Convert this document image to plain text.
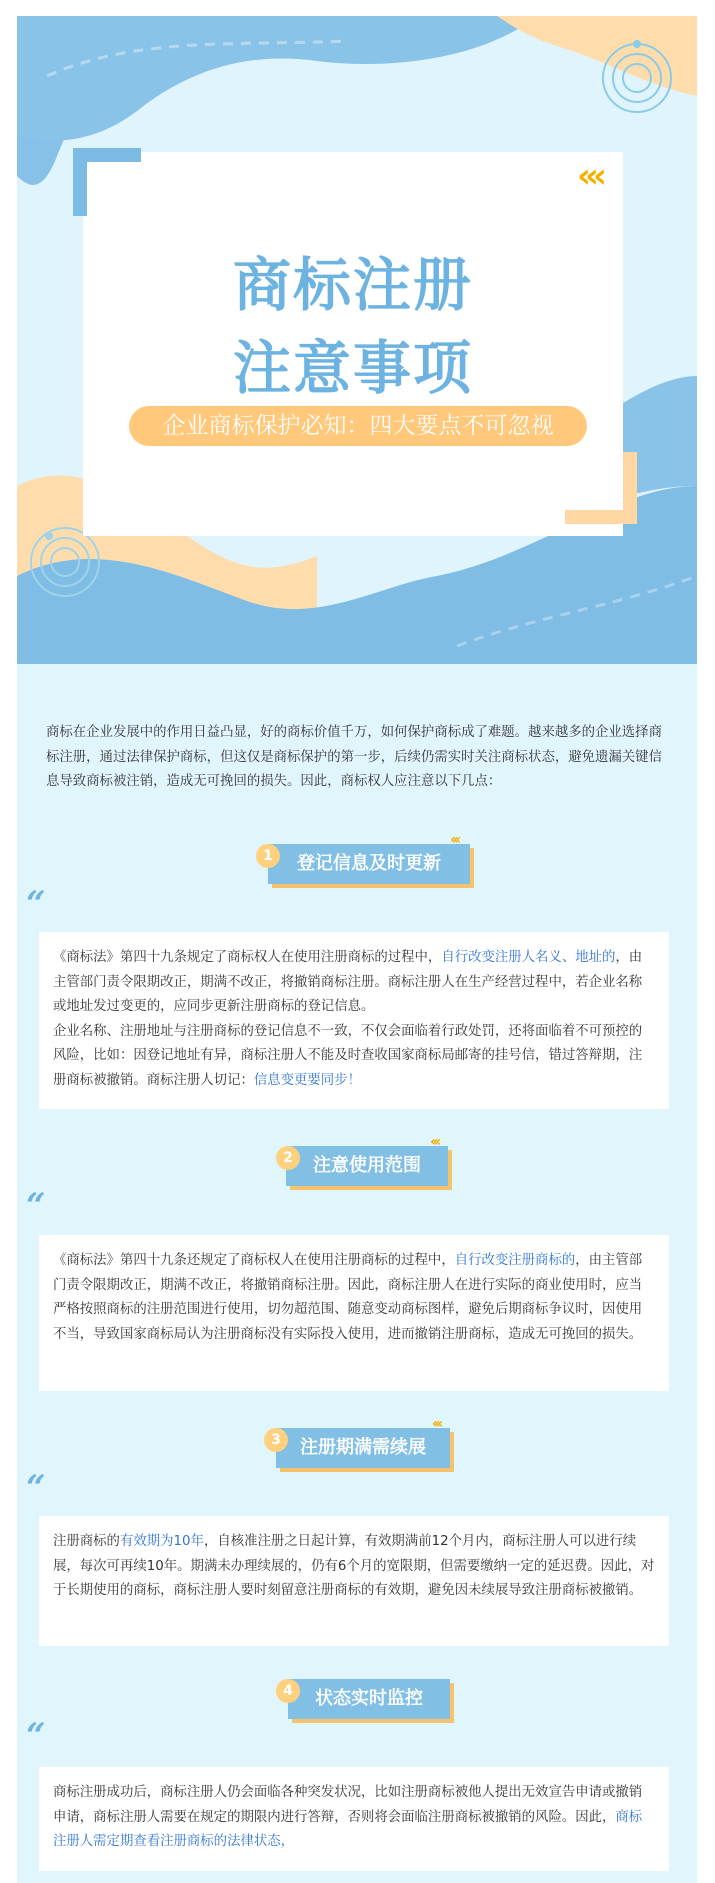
‹‹‹
商标注册
注意事项
企业商标保护必知：四大要点不可忽视
商标在企业发展中的作用日益凸显，好的商标价值千万，如何保护商标成了难题。越来越多的企业选择商标注册，通过法律保护商标，但这仅是商标保护的第一步，后续仍需实时关注商标状态，避免遗漏关键信息导致商标被注销，造成无可挽回的损失。因此，商标权人应注意以下几点：
登记信息及时更新
1
‹‹‹
“
《商标法》第四十九条规定了商标权人在使用注册商标的过程中，自行改变注册人名义、地址的，由主管部门责令限期改正，期满不改正，将撤销商标注册。商标注册人在生产经营过程中，若企业名称或地址发过变更的，应同步更新注册商标的登记信息。
企业名称、注册地址与注册商标的登记信息不一致，不仅会面临着行政处罚，还将面临着不可预控的风险，比如：因登记地址有异，商标注册人不能及时查收国家商标局邮寄的挂号信，错过答辩期，注册商标被撤销。商标注册人切记：信息变更要同步！
注意使用范围
2
‹‹‹
“
《商标法》第四十九条还规定了商标权人在使用注册商标的过程中，自行改变注册商标的，由主管部门责令限期改正，期满不改正，将撤销商标注册。因此，商标注册人在进行实际的商业使用时，应当严格按照商标的注册范围进行使用，切勿超范围、随意变动商标图样，避免后期商标争议时，因使用不当，导致国家商标局认为注册商标没有实际投入使用，进而撤销注册商标，造成无可挽回的损失。
注册期满需续展
3
‹‹‹
“
注册商标的有效期为10年，自核准注册之日起计算，有效期满前12个月内，商标注册人可以进行续展，每次可再续10年。期满未办理续展的，仍有6个月的宽限期，但需要缴纳一定的延迟费。因此，对于长期使用的商标，商标注册人要时刻留意注册商标的有效期，避免因未续展导致注册商标被撤销。
状态实时监控
4
“
商标注册成功后，商标注册人仍会面临各种突发状况，比如注册商标被他人提出无效宣告申请或撤销申请，商标注册人需要在规定的期限内进行答辩，否则将会面临注册商标被撤销的风险。因此，商标注册人需定期查看注册商标的法律状态，
